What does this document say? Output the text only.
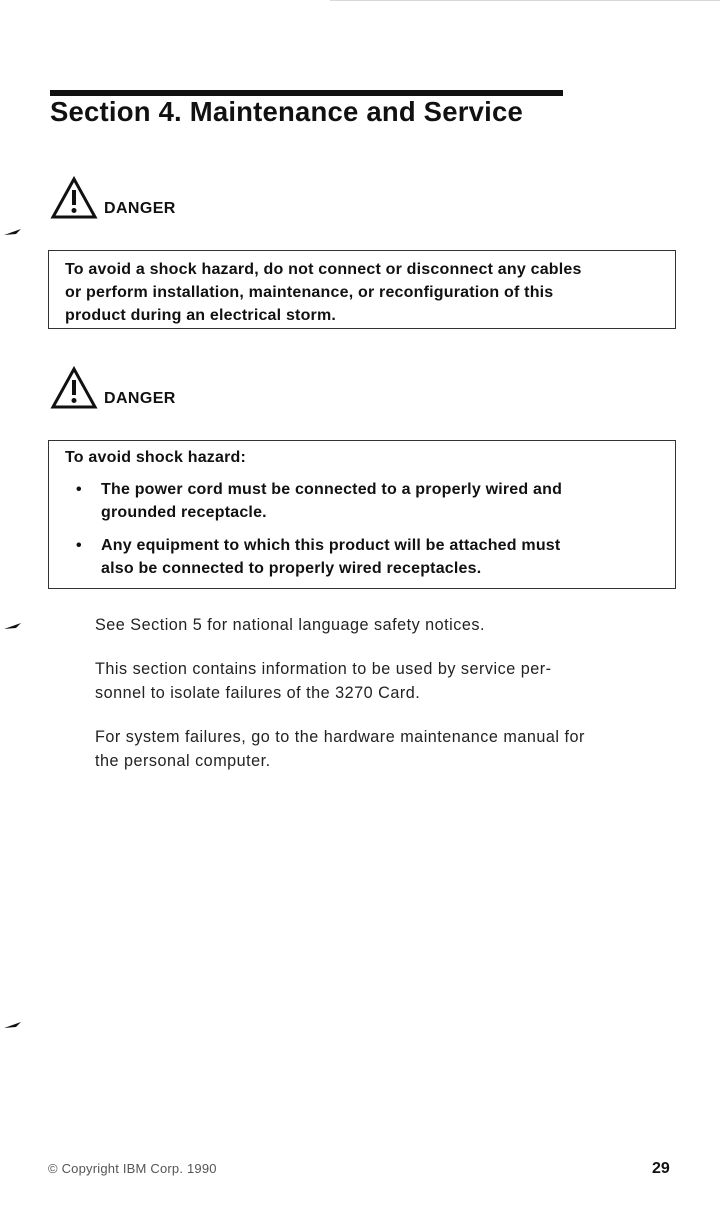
Section 4. Maintenance and Service
DANGER

To avoid a shock hazard, do not connect or disconnect any cables

or perform installation, maintenance, or reconfiguration of this

product during an electrical storm.

DANGER

To avoid shock hazard:

• The power cord must be connected to a properly wired and
grounded receptacle.
• Any equipment to which this product will be attached must
also be connected to properly wired receptacles.

See Section 5 for national language safety notices.

This section contains information to be used by service per-
sonnel to isolate failures of the 3270 Card.

For system failures, go to the hardware maintenance manual for
the personal computer.

© Copyright IBM Corp. 1990	29
